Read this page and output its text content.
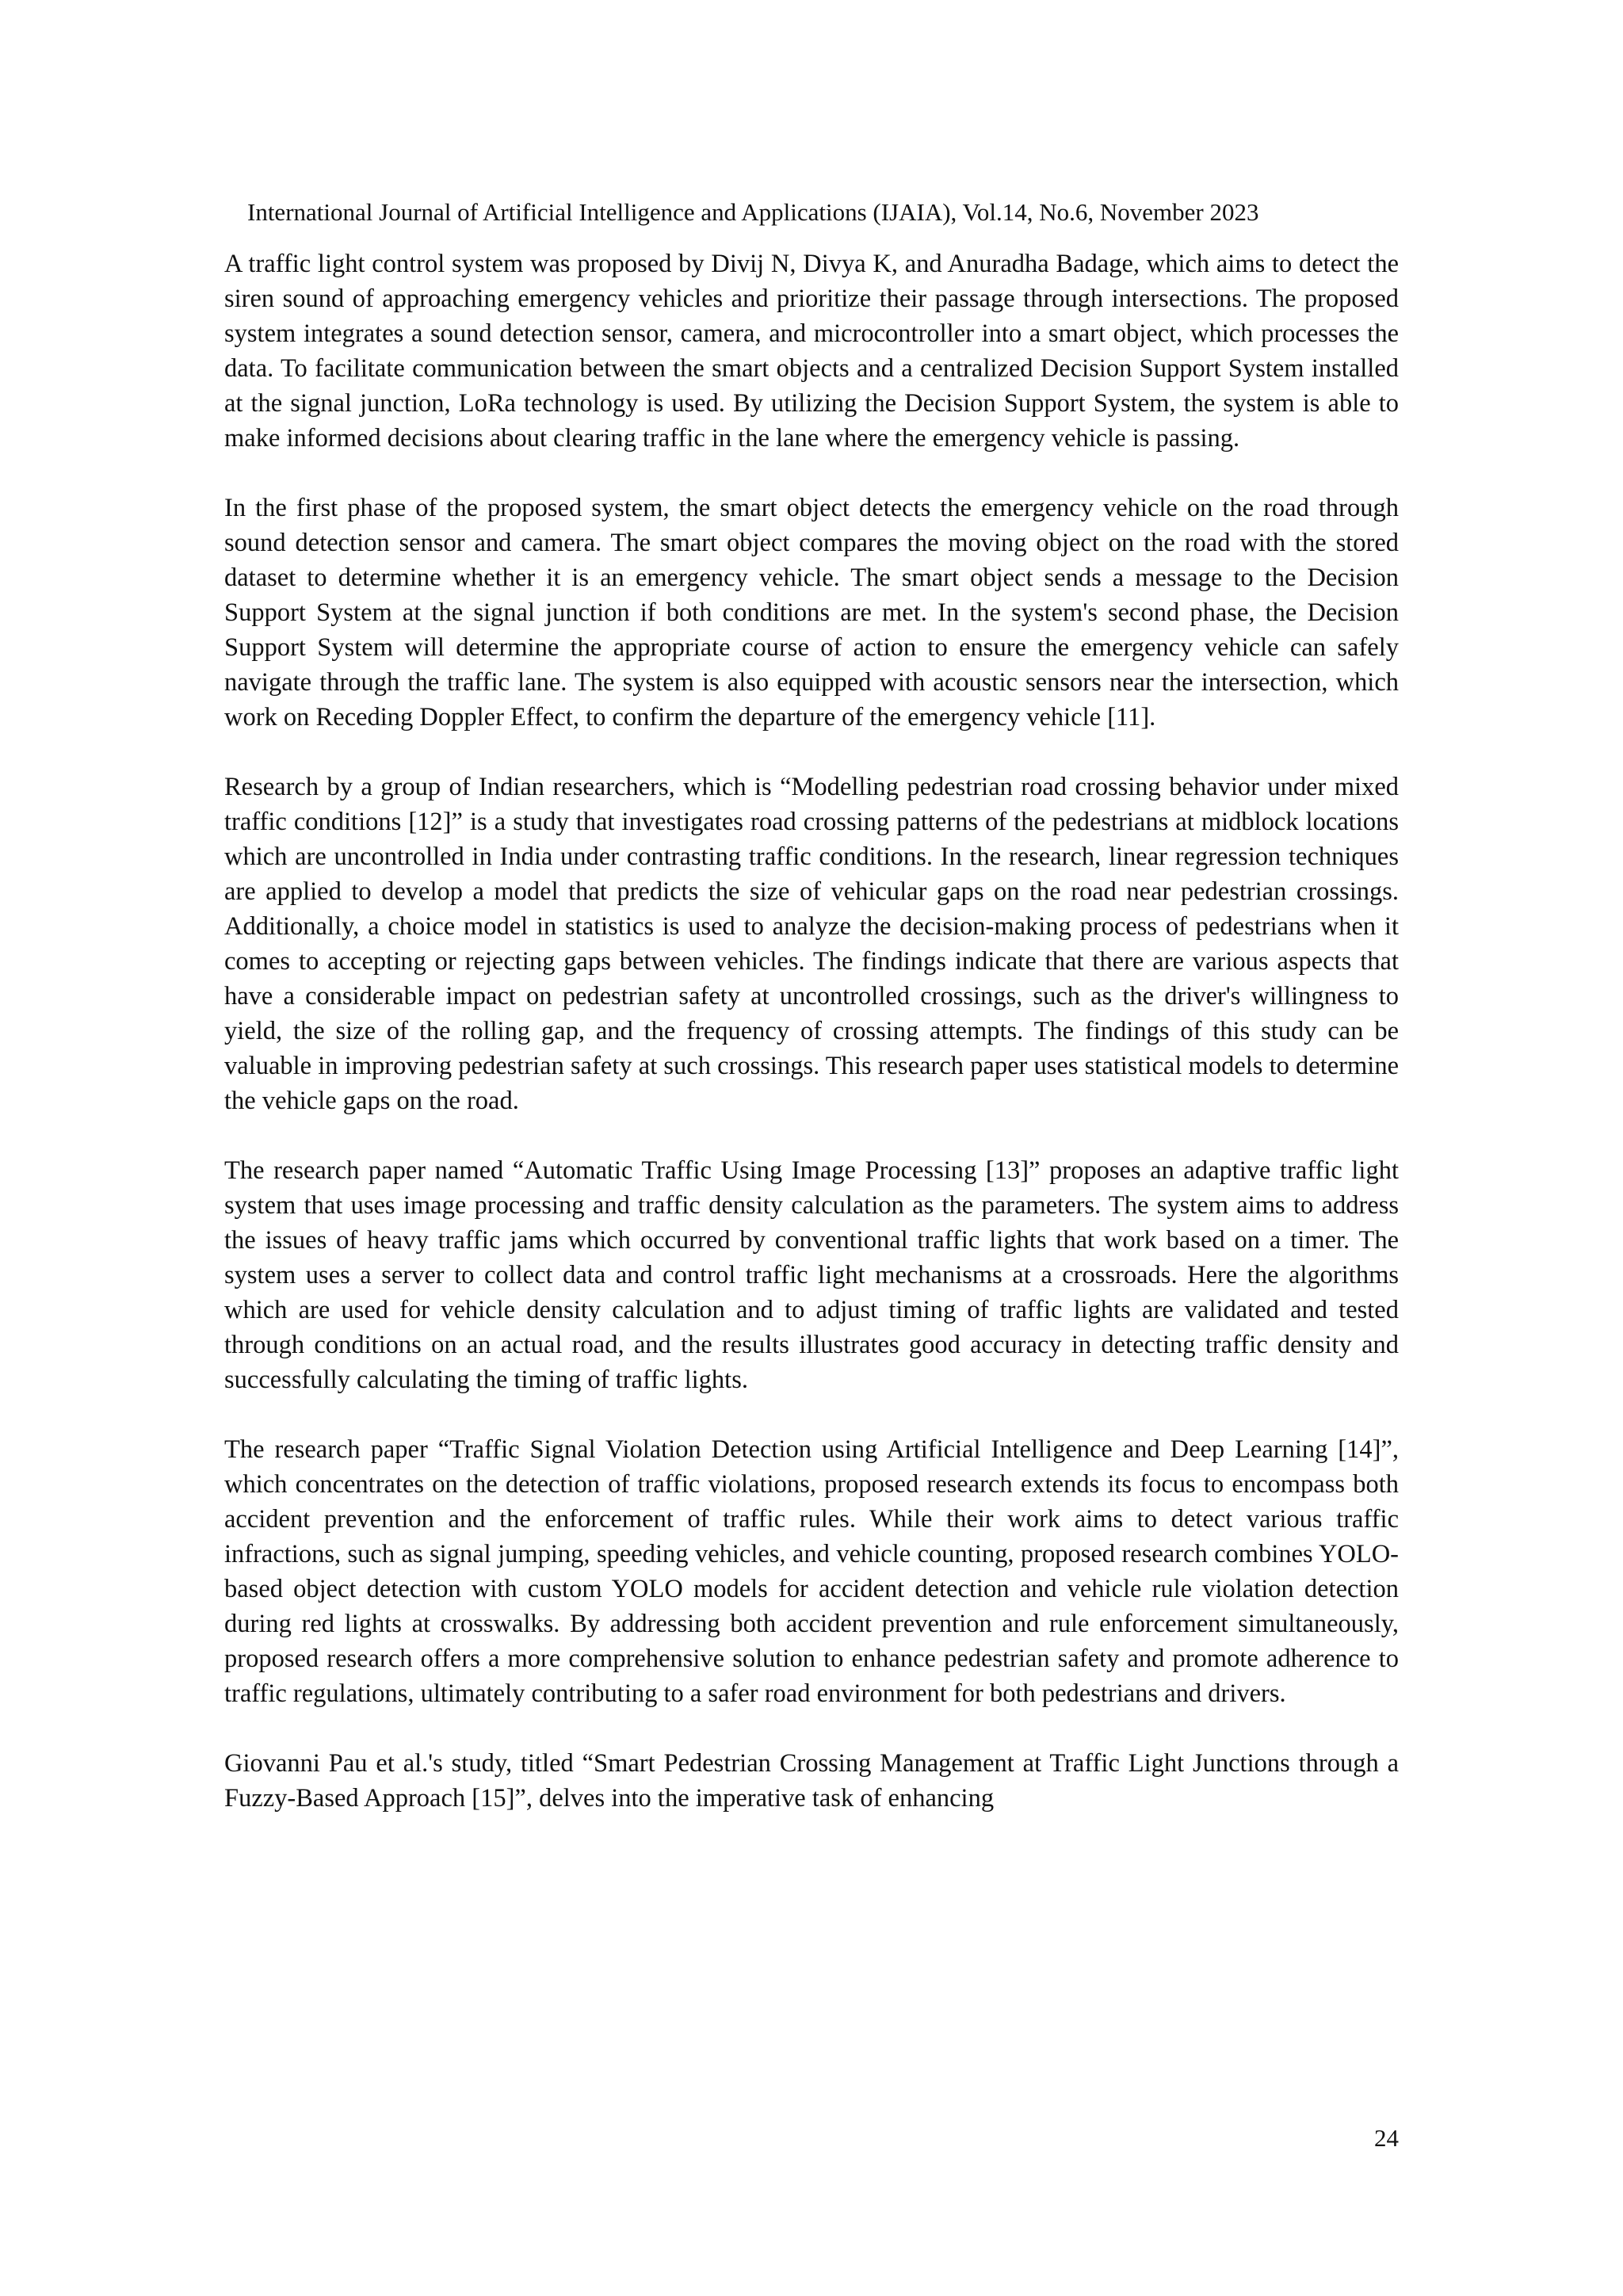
International Journal of Artificial Intelligence and Applications (IJAIA), Vol.14, No.6, November 2023

A traffic light control system was proposed by Divij N, Divya K, and Anuradha Badage, which aims to detect the siren sound of approaching emergency vehicles and prioritize their passage through intersections. The proposed system integrates a sound detection sensor, camera, and microcontroller into a smart object, which processes the data. To facilitate communication between the smart objects and a centralized Decision Support System installed at the signal junction, LoRa technology is used. By utilizing the Decision Support System, the system is able to make informed decisions about clearing traffic in the lane where the emergency vehicle is passing.

In the first phase of the proposed system, the smart object detects the emergency vehicle on the road through sound detection sensor and camera. The smart object compares the moving object on the road with the stored dataset to determine whether it is an emergency vehicle. The smart object sends a message to the Decision Support System at the signal junction if both conditions are met. In the system's second phase, the Decision Support System will determine the appropriate course of action to ensure the emergency vehicle can safely navigate through the traffic lane. The system is also equipped with acoustic sensors near the intersection, which work on Receding Doppler Effect, to confirm the departure of the emergency vehicle [11].

Research by a group of Indian researchers, which is “Modelling pedestrian road crossing behavior under mixed traffic conditions [12]” is a study that investigates road crossing patterns of the pedestrians at midblock locations which are uncontrolled in India under contrasting traffic conditions. In the research, linear regression techniques are applied to develop a model that predicts the size of vehicular gaps on the road near pedestrian crossings. Additionally, a choice model in statistics is used to analyze the decision-making process of pedestrians when it comes to accepting or rejecting gaps between vehicles. The findings indicate that there are various aspects that have a considerable impact on pedestrian safety at uncontrolled crossings, such as the driver's willingness to yield, the size of the rolling gap, and the frequency of crossing attempts. The findings of this study can be valuable in improving pedestrian safety at such crossings. This research paper uses statistical models to determine the vehicle gaps on the road.

The research paper named “Automatic Traffic Using Image Processing [13]” proposes an adaptive traffic light system that uses image processing and traffic density calculation as the parameters. The system aims to address the issues of heavy traffic jams which occurred by conventional traffic lights that work based on a timer. The system uses a server to collect data and control traffic light mechanisms at a crossroads. Here the algorithms which are used for vehicle density calculation and to adjust timing of traffic lights are validated and tested through conditions on an actual road, and the results illustrates good accuracy in detecting traffic density and successfully calculating the timing of traffic lights.

The research paper “Traffic Signal Violation Detection using Artificial Intelligence and Deep Learning [14]”, which concentrates on the detection of traffic violations, proposed research extends its focus to encompass both accident prevention and the enforcement of traffic rules. While their work aims to detect various traffic infractions, such as signal jumping, speeding vehicles, and vehicle counting, proposed research combines YOLO-based object detection with custom YOLO models for accident detection and vehicle rule violation detection during red lights at crosswalks. By addressing both accident prevention and rule enforcement simultaneously, proposed research offers a more comprehensive solution to enhance pedestrian safety and promote adherence to traffic regulations, ultimately contributing to a safer road environment for both pedestrians and drivers.

Giovanni Pau et al.'s study, titled “Smart Pedestrian Crossing Management at Traffic Light Junctions through a Fuzzy-Based Approach [15]”, delves into the imperative task of enhancing

24
